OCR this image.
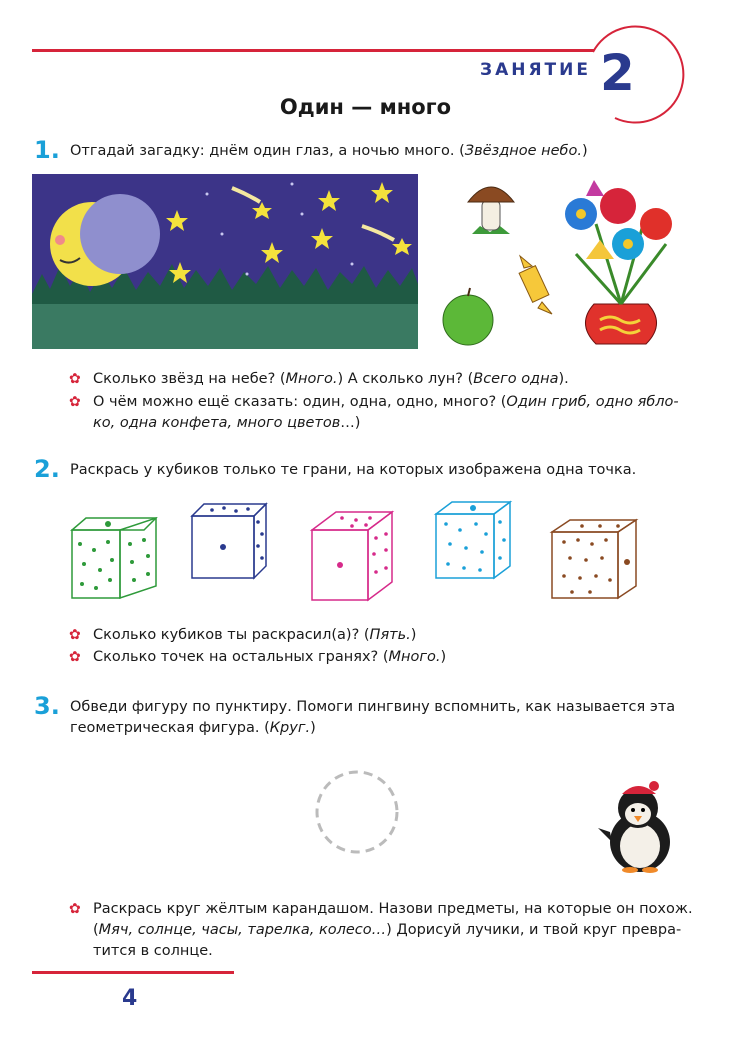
ЗАНЯТИЕ 2
Один — много
1. Отгадай загадку: днём один глаз, а ночью много. (Звёздное небо.)
✿ Сколько звёзд на небе? (Много.) А сколько лун? (Всего одна).
✿ О чём можно ещё сказать: один, одна, одно, много? (Один гриб, одно ябло-
ко, одна конфета, много цветов…)
2. Раскрась у кубиков только те грани, на которых изображена одна точка.
✿ Сколько кубиков ты раскрасил(а)? (Пять.)
✿ Сколько точек на остальных гранях? (Много.)
3. Обведи фигуру по пунктиру. Помоги пингвину вспомнить, как называется эта
геометрическая фигура. (Круг.)
✿ Раскрась круг жёлтым карандашом. Назови предметы, на которые он похож.
(Мяч, солнце, часы, тарелка, колесо…) Дорисуй лучики, и твой круг превра-
тится в солнце.
4
